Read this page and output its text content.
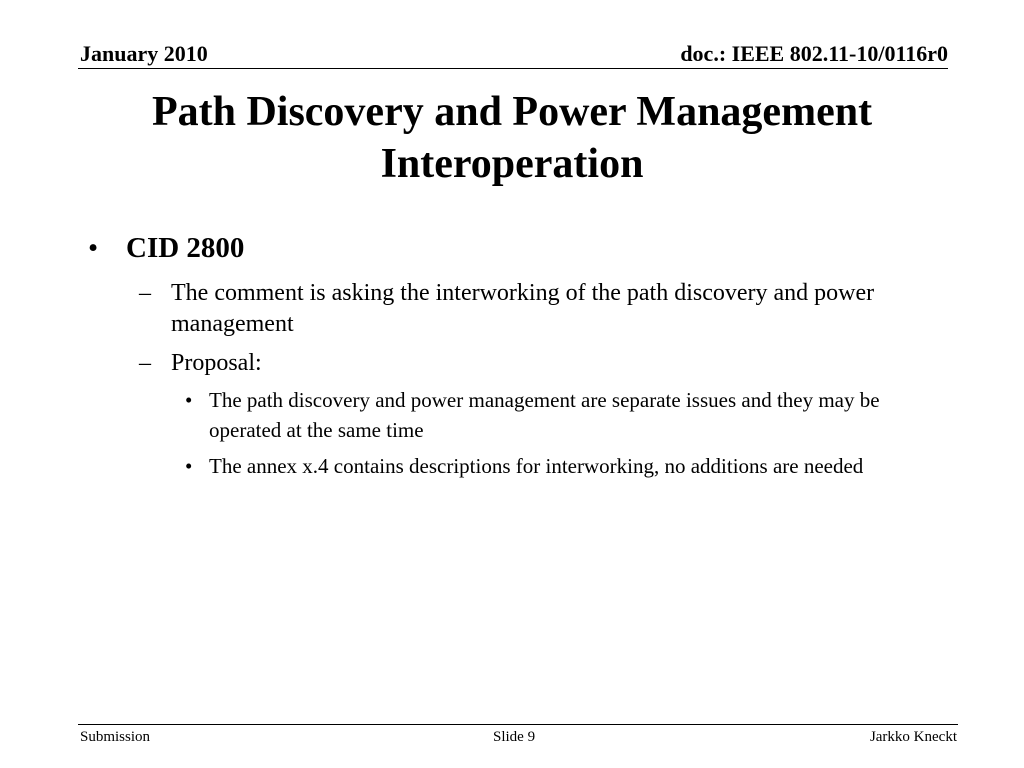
January 2010	doc.: IEEE 802.11-10/0116r0
Path Discovery and Power Management
Interoperation
• CID 2800
– The comment is asking the interworking of the path discovery and power management
– Proposal:
• The path discovery and power management are separate issues and they may be operated at the same time
• The annex x.4 contains descriptions for interworking, no additions are needed
Submission	Slide 9	Jarkko Kneckt
